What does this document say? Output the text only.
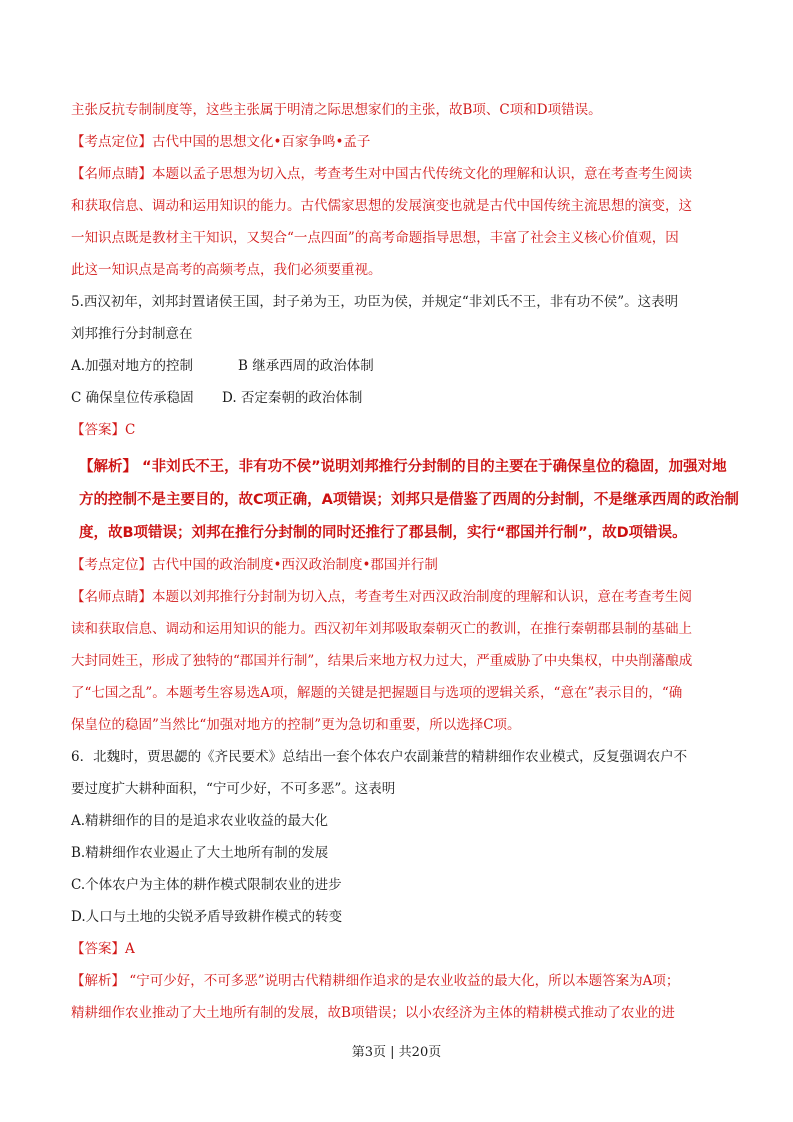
主张反抗专制制度等，这些主张属于明清之际思想家们的主张，故B项、C项和D项错误。
【考点定位】古代中国的思想文化•百家争鸣•孟子
【名师点睛】本题以孟子思想为切入点，考查考生对中国古代传统文化的理解和认识，意在考查考生阅读
和获取信息、调动和运用知识的能力。古代儒家思想的发展演变也就是古代中国传统主流思想的演变，这
一知识点既是教材主干知识，又契合“一点四面”的高考命题指导思想，丰富了社会主义核心价值观，因
此这一知识点是高考的高频考点，我们必须要重视。
5.西汉初年，刘邦封置诸侯王国，封子弟为王，功臣为侯，并规定“非刘氏不王，非有功不侯”。这表明
刘邦推行分封制意在
A.加强对地方的控制	B 继承西周的政治体制
C 确保皇位传承稳固 D. 否定秦朝的政治体制
【答案】C
【解析】 “非刘氏不王，非有功不侯”说明刘邦推行分封制的目的主要在于确保皇位的稳固，加强对地
方的控制不是主要目的，故C项正确，A项错误；刘邦只是借鉴了西周的分封制，不是继承西周的政治制
度，故B项错误；刘邦在推行分封制的同时还推行了郡县制，实行“郡国并行制”，故D项错误。
【考点定位】古代中国的政治制度•西汉政治制度•郡国并行制
【名师点睛】本题以刘邦推行分封制为切入点，考查考生对西汉政治制度的理解和认识，意在考查考生阅
读和获取信息、调动和运用知识的能力。西汉初年刘邦吸取秦朝灭亡的教训，在推行秦朝郡县制的基础上
大封同姓王，形成了独特的“郡国并行制”，结果后来地方权力过大，严重威胁了中央集权，中央削藩酿成
了“七国之乱”。本题考生容易选A项，解题的关键是把握题目与选项的逻辑关系，“意在”表示目的，“确
保皇位的稳固”当然比“加强对地方的控制”更为急切和重要，所以选择C项。
6．北魏时，贾思勰的《齐民要术》总结出一套个体农户农副兼营的精耕细作农业模式，反复强调农户不
要过度扩大耕种面积，“宁可少好，不可多恶”。这表明
A.精耕细作的目的是追求农业收益的最大化
B.精耕细作农业遏止了大土地所有制的发展
C.个体农户为主体的耕作模式限制农业的进步
D.人口与土地的尖锐矛盾导致耕作模式的转变
【答案】A
【解析】 “宁可少好，不可多恶”说明古代精耕细作追求的是农业收益的最大化，所以本题答案为A项；
精耕细作农业推动了大土地所有制的发展，故B项错误；以小农经济为主体的精耕模式推动了农业的进
第3页 | 共20页
